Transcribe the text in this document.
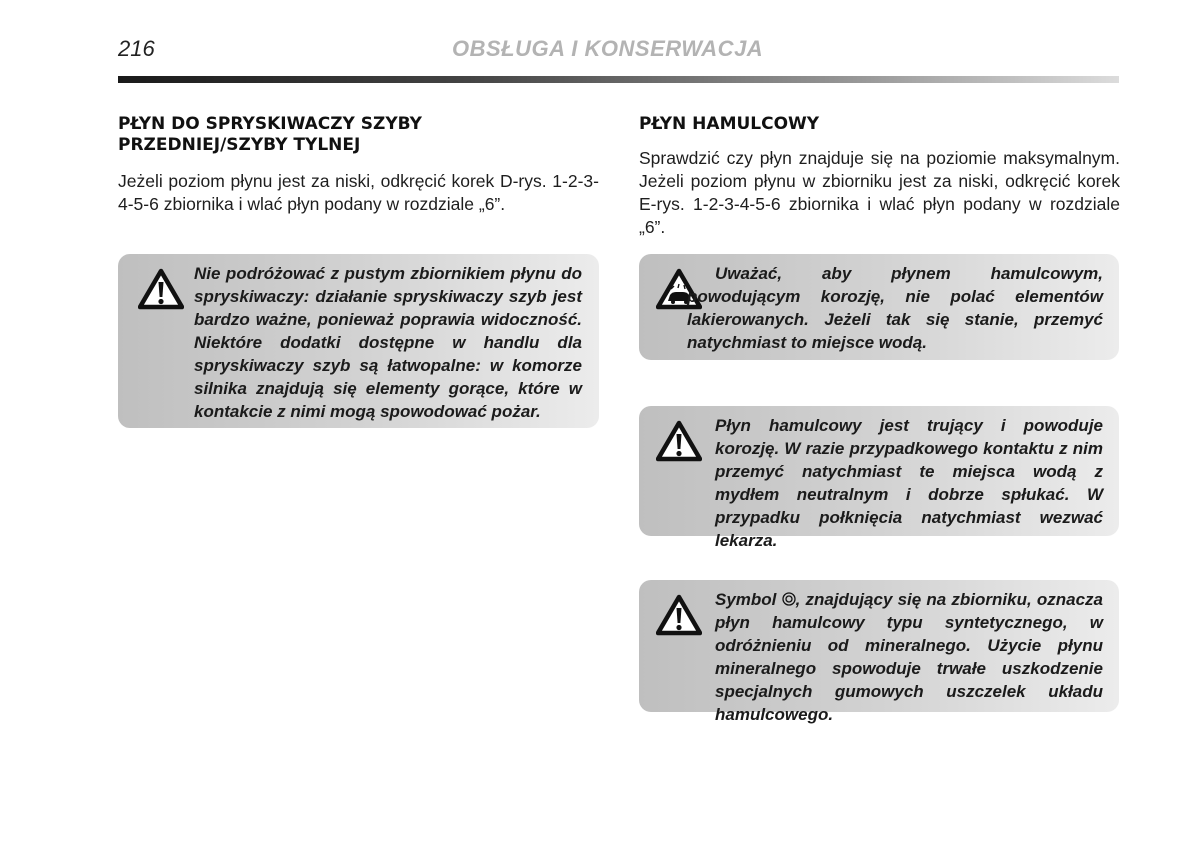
216	OBSŁUGA I KONSERWACJA
PŁYN DO SPRYSKIWACZY SZYBY
PRZEDNIEJ/SZYBY TYLNEJ

Jeżeli poziom płynu jest za niski, odkręcić korek D-rys. 1-2-3-4-5-6 zbiornika i wlać płyn podany w rozdziale „6”.

Nie podróżować z pustym zbiornikiem płynu do spryskiwaczy: działanie spryskiwaczy szyb jest bardzo ważne, ponieważ poprawia widoczność. Niektóre dodatki dostępne w handlu dla spryskiwaczy szyb są łatwopalne: w komorze silnika znajdują się elementy gorące, które w kontakcie z nimi mogą spowodować pożar.

PŁYN HAMULCOWY

Sprawdzić czy płyn znajduje się na poziomie maksymalnym. Jeżeli poziom płynu w zbiorniku jest za niski, odkręcić korek E-rys. 1-2-3-4-5-6 zbiornika i wlać płyn podany w rozdziale „6”.

Uważać, aby płynem hamulcowym, powodującym korozję, nie polać elementów lakierowanych. Jeżeli tak się stanie, przemyć natychmiast to miejsce wodą.

Płyn hamulcowy jest trujący i powoduje korozję. W razie przypadkowego kontaktu z nim przemyć natychmiast te miejsca wodą z mydłem neutralnym i dobrze spłukać. W przypadku połknięcia natychmiast wezwać lekarza.

Symbol , znajdujący się na zbiorniku, oznacza płyn hamulcowy typu syntetycznego, w odróżnieniu od mineralnego. Użycie płynu mineralnego spowoduje trwałe uszkodzenie specjalnych gumowych uszczelek układu hamulcowego.
